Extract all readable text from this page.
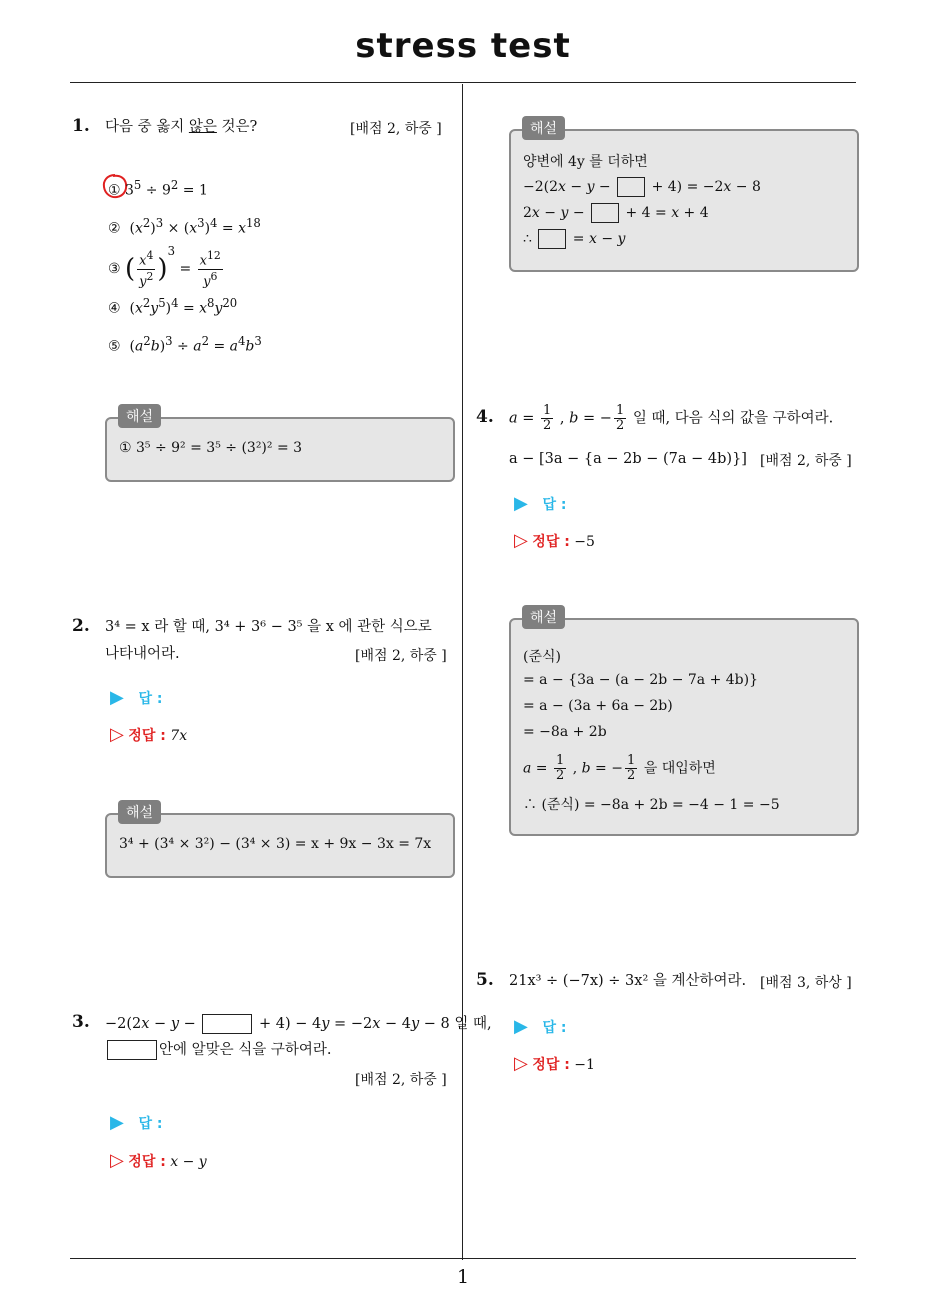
stress test
1
1. 다음 중 옳지 않은 것은?	[배점 2, 하중 ]
① $3^5 \div 9^2 = 1$
②  $(x^2)^3 \times (x^3)^4 = x^{18}$
③ ( $\frac{x^4}{y^2} )^3 = \frac{x^{12}}{y^6}$
④  $(x^2y^5)^4 = x^8y^{20}$
⑤  $(a^2b)^3 \div a^2 = a^4b^3$
① 3⁵ ÷ 9² = 3⁵ ÷ (3²)² = 3
해설
2. 3⁴ = x 라 할 때, 3⁴ + 3⁶ − 3⁵ 을 x 에 관한 식으로
나타내어라.	[배점 2, 하중 ]
▶ 답 :
▷ 정답 : 7x
3⁴ + (3⁴ × 3²) − (3⁴ × 3) = x + 9x − 3x = 7x
해설
3. −2(2x − y −	+ 4) − 4y = −2x − 4y − 8 일 때,
안에 알맞은 식을 구하여라.
[배점 2, 하중 ]
▶ 답 :
▷ 정답 : x − y
양변에 4y 를 더하면
−2(2x − y −  + 4) = −2x − 8
2x − y −  + 4 = x + 4
∴  = x − y
해설
4. $a = \frac{1}{2}$ , b = − $\frac{1}{2}$ 일 때, 다음 식의 값을 구하여라.
a − [3a − {a − 2b − (7a − 4b)}] [배점 2, 하중 ]
▶ 답 :
▷ 정답 : −5
(준식)
= a − {3a − (a − 2b − 7a + 4b)}
= a − (3a + 6a − 2b)
= −8a + 2b
$a = \frac{1}{2}$ , b = − $\frac{1}{2}$ 을 대입하면
∴ (준식) = −8a + 2b = −4 − 1 = −5
해설
5. 21x³ ÷ (−7x) ÷ 3x² 을 계산하여라. [배점 3, 하상 ]
▶ 답 :
▷ 정답 : −1
